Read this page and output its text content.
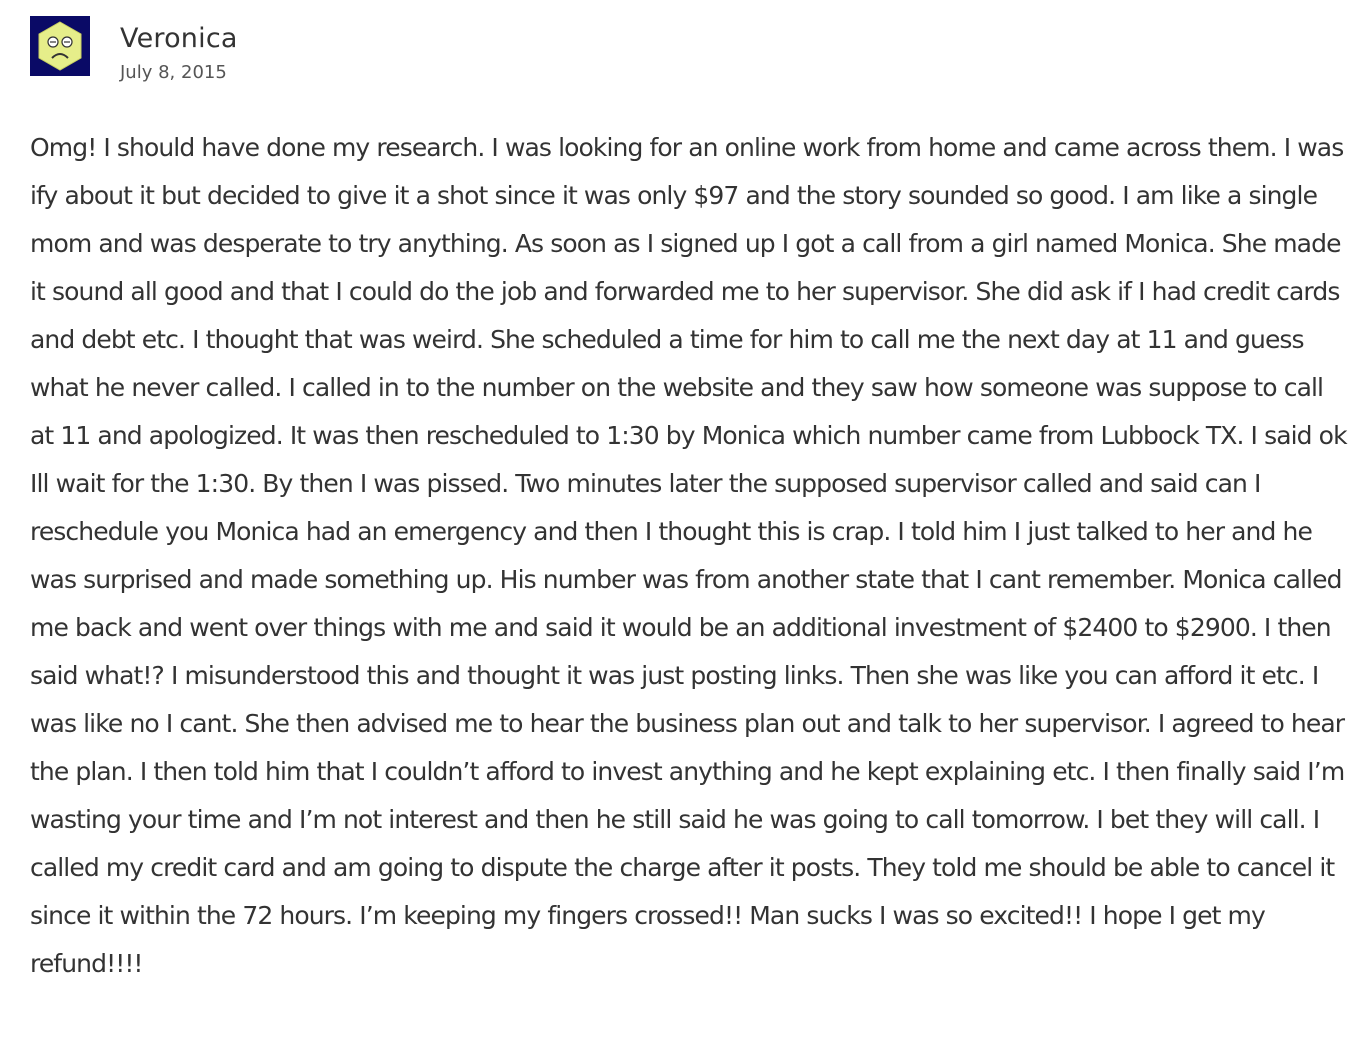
Veronica
July 8, 2015
Omg! I should have done my research. I was looking for an online work from home and came across them. I was ify about it but decided to give it a shot since it was only $97 and the story sounded so good. I am like a single mom and was desperate to try anything. As soon as I signed up I got a call from a girl named Monica. She made it sound all good and that I could do the job and forwarded me to her supervisor. She did ask if I had credit cards and debt etc. I thought that was weird. She scheduled a time for him to call me the next day at 11 and guess what he never called. I called in to the number on the website and they saw how someone was suppose to call at 11 and apologized. It was then rescheduled to 1:30 by Monica which number came from Lubbock TX. I said ok Ill wait for the 1:30. By then I was pissed. Two minutes later the supposed supervisor called and said can I reschedule you Monica had an emergency and then I thought this is crap. I told him I just talked to her and he was surprised and made something up. His number was from another state that I cant remember. Monica called me back and went over things with me and said it would be an additional investment of $2400 to $2900. I then said what!? I misunderstood this and thought it was just posting links. Then she was like you can afford it etc. I was like no I cant. She then advised me to hear the business plan out and talk to her supervisor. I agreed to hear the plan. I then told him that I couldn’t afford to invest anything and he kept explaining etc. I then finally said I’m wasting your time and I’m not interest and then he still said he was going to call tomorrow. I bet they will call. I called my credit card and am going to dispute the charge after it posts. They told me should be able to cancel it since it within the 72 hours. I’m keeping my fingers crossed!! Man sucks I was so excited!! I hope I get my refund!!!!
